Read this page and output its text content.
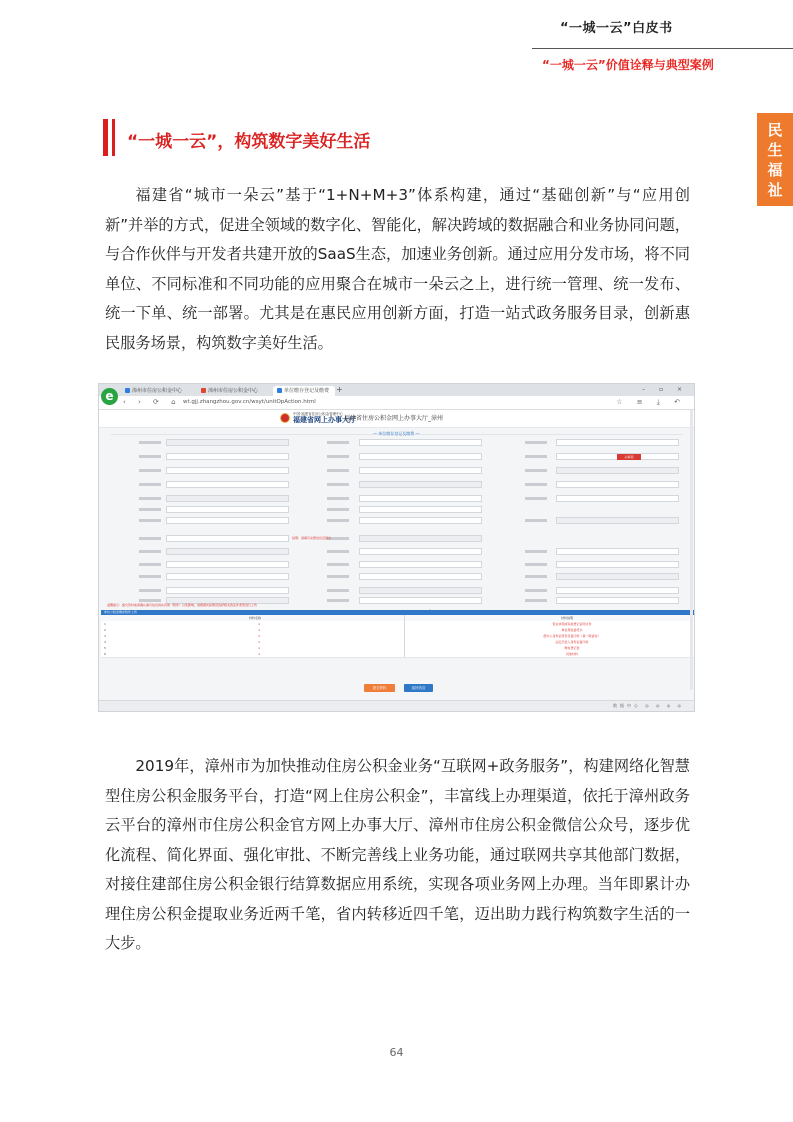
“一城一云”白皮书
“一城一云”价值诠释与典型案例
民
生
福
祉
“一城一云”，构筑数字美好生活

福建省“城市一朵云”基于“1+N+M+3”体系构建，通过“基础创新”与“应用创新”并举的方式，促进全领域的数字化、智能化，解决跨域的数据融合和业务协同问题，与合作伙伴与开发者共建开放的SaaS生态，加速业务创新。通过应用分发市场，将不同单位、不同标准和不同功能的应用聚合在城市一朵云之上，进行统一管理、统一发布、统一下单、统一部署。尤其是在惠民应用创新方面，打造一站式政务服务目录，创新惠民服务场景，构筑数字美好生活。

漳州市住房公积金中心	漳州市住房公积金中心	单位缴存登记及缴费 +	– ▫ ×
e	‹ › ⟳ ⌂ wt.gjj.zhangzhou.gov.cn/wsyt/unitOpAction.html	☆ ≡ ⤓ ↶
中国·福建省住房公积金管理中心
福建省网上办事大厅
福建省住房公积金网上办事大厅_漳州
— 单位缴存登记及缴费 —
必填项
说明：请填写完整信息后提交
温馨提示：提交资料前请确认填写信息真实有效（附件）以免影响，请根据实际情况选择相关的证件类型进行上传
单位公积金缴存附件上传
材料名称	材料说明
1	×	营业执照或其他登记证明文件
2	×	单位授权委托书
3	×	经办人身份证原件及复印件（第一联留存）
4	×	法定代表人身份证复印件
5	×	缴存登记表
6	×	其他材料
提交资料	返回首页
数据中心 ◎ ◎ ◎ ◎

2019年，漳州市为加快推动住房公积金业务“互联网+政务服务”，构建网络化智慧型住房公积金服务平台，打造“网上住房公积金”，丰富线上办理渠道，依托于漳州政务云平台的漳州市住房公积金官方网上办事大厅、漳州市住房公积金微信公众号，逐步优化流程、简化界面、强化审批、不断完善线上业务功能，通过联网共享其他部门数据，对接住建部住房公积金银行结算数据应用系统，实现各项业务网上办理。当年即累计办理住房公积金提取业务近两千笔，省内转移近四千笔，迈出助力践行构筑数字生活的一大步。

64
